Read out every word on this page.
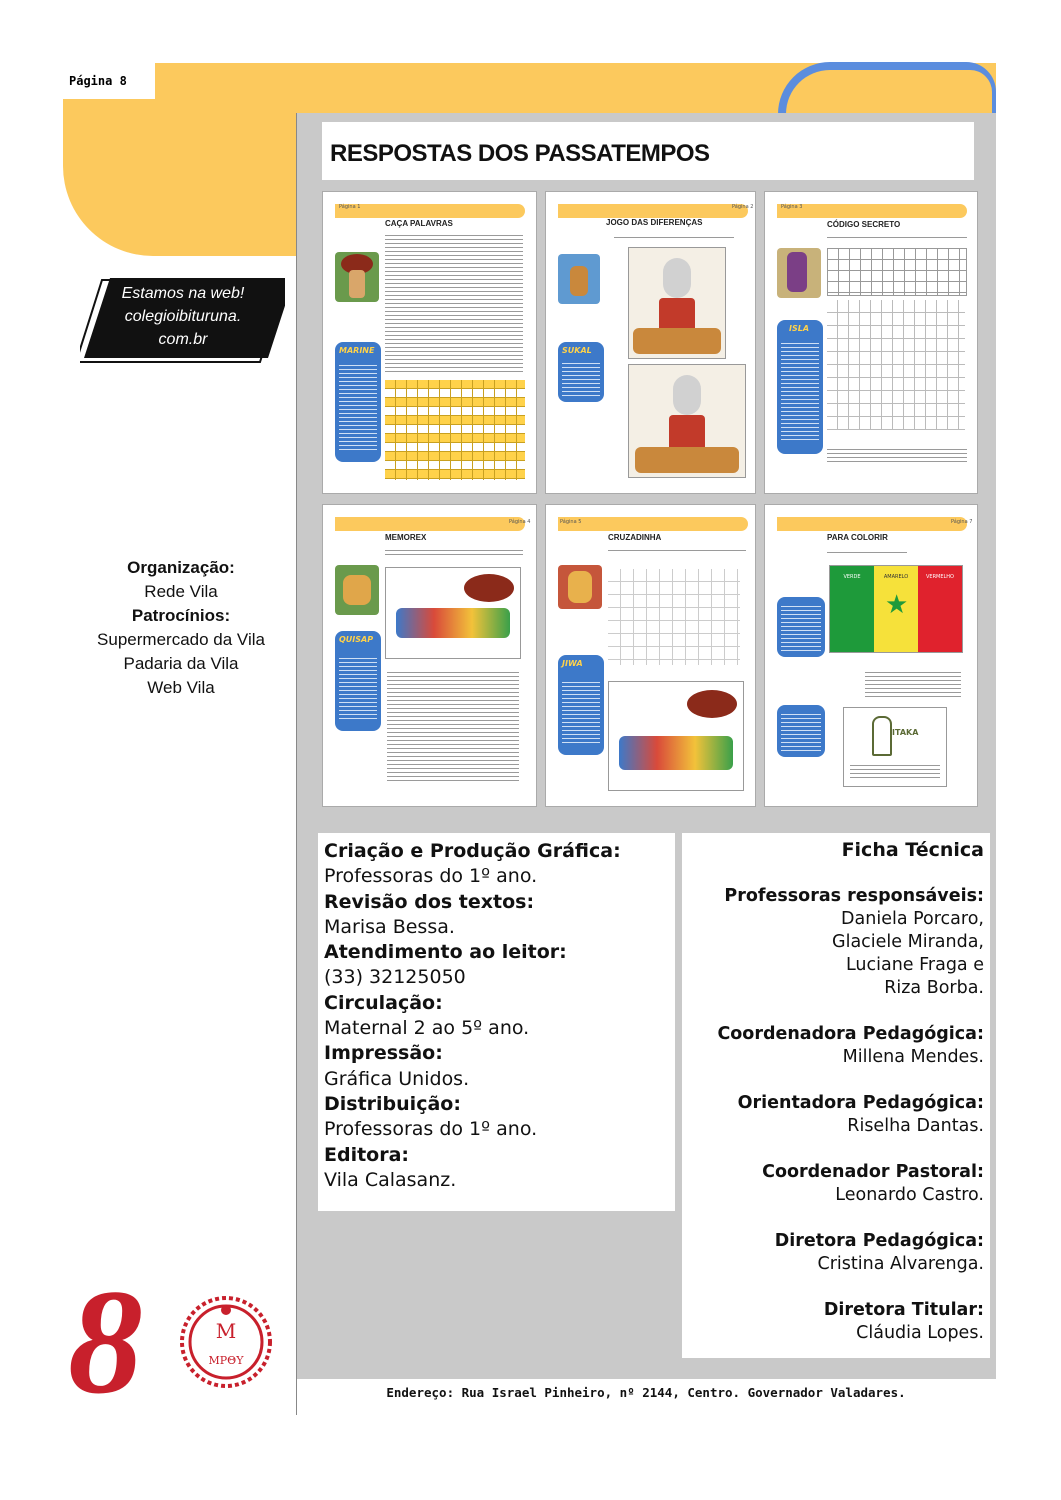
Página 8
RESPOSTAS DOS PASSATEMPOS
Página 1
CAÇA PALAVRAS
MARINE
Página 2
JOGO DAS DIFERENÇAS
SUKAL
CÓDIGO SECRETO
Página 3
ISLA
Página 4
MEMOREX
QUISAP
Página 5
CRUZADINHA
JIWA
Página 7
PARA COLORIR
VERDE	AMARELO
★
VERMELHO
ITAKA
Estamos na web!
colegioibituruna.
com.br
Organização:
Rede Vila
Patrocínios:
Supermercado da Vila
Padaria da Vila
Web Vila
Criação e Produção Gráfica:
Professoras do 1º ano.
Revisão dos textos:
Marisa Bessa.
Atendimento ao leitor:
(33) 32125050
Circulação:
Maternal 2 ao 5º ano.
Impressão:
Gráfica Unidos.
Distribuição:
Professoras do 1º ano.
Editora:
Vila Calasanz.
Ficha Técnica
Professoras responsáveis:
Daniela Porcaro,
Glaciele Miranda,
Luciane Fraga e
Riza Borba.
Coordenadora Pedagógica:
Millena Mendes.
Orientadora Pedagógica:
Riselha Dantas.
Coordenador Pastoral:
Leonardo Castro.
Diretora Pedagógica:
Cristina Alvarenga.
Diretora Titular:
Cláudia Lopes.
Endereço: Rua Israel Pinheiro, nº 2144, Centro. Governador Valadares.
8	M
MPΘY
